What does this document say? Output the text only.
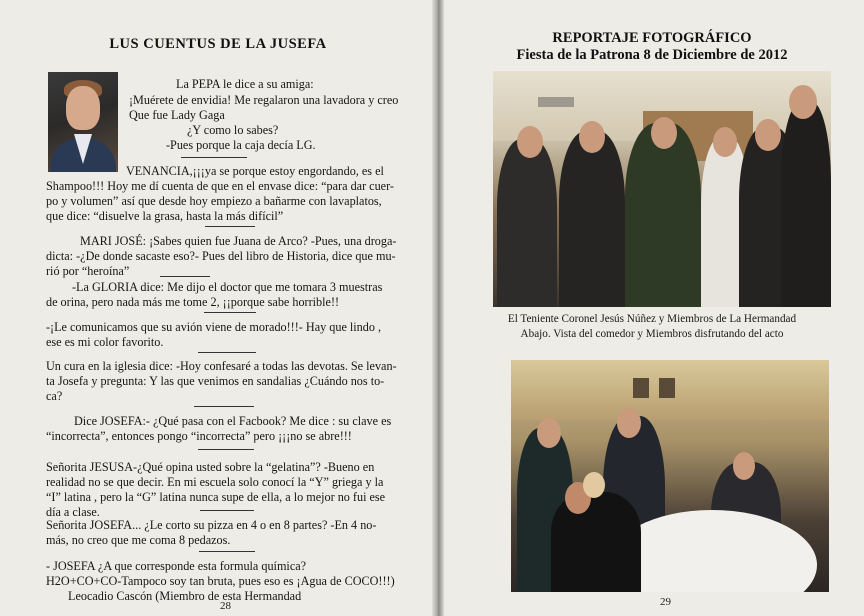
LUS CUENTUS DE LA JUSEFA
La PEPA le dice a su amiga:
¡Muérete de envidia! Me regalaron una lavadora y creo
Que fue Lady Gaga
¿Y como lo sabes?
-Pues porque la caja decía LG.
VENANCIA,¡¡¡ya se porque estoy engordando, es el
Shampoo!!! Hoy me dí cuenta de que en el envase dice: “para dar cuer-
po y volumen” así que desde hoy empiezo a bañarme con lavaplatos,
que dice: “disuelve la grasa, hasta la más difícil”
MARI JOSÉ: ¡Sabes quien fue Juana de Arco? -Pues, una droga-
dicta: -¿De donde sacaste eso?- Pues del libro de Historia, dice que mu-
rió por “heroína”
-La GLORIA dice: Me dijo el doctor que me tomara 3 muestras
de orina, pero nada más me tome 2, ¡¡porque sabe horrible!!
-¡Le comunicamos que su avión viene de morado!!!- Hay que lindo ,
ese es mi color favorito.
Un cura en la iglesia dice: -Hoy confesaré a todas las devotas. Se levan-
ta Josefa y pregunta: Y las que venimos en sandalias ¿Cuándo nos to-
ca?
Dice JOSEFA:- ¿Qué pasa con el Facbook? Me dice : su clave es
“incorrecta”, entonces pongo “incorrecta” pero ¡¡¡no se abre!!!
Señorita JESUSA-¿Qué opina usted sobre la “gelatina”? -Bueno en
realidad no se que decir. En mi escuela solo conocí la “Y” griega y la
“I” latina , pero la “G” latina nunca supe de ella, a lo mejor no fui ese
día a clase.
Señorita JOSEFA... ¿Le corto su pizza en 4 o en 8 partes? -En 4 no-
más, no creo que me coma 8 pedazos.
- JOSEFA ¿A que corresponde esta formula química?
H2O+CO+CO-Tampoco soy tan bruta, pues eso es ¡Agua de COCO!!!)
Leocadio Cascón (Miembro de esta Hermandad
28
REPORTAJE FOTOGRÁFICO
Fiesta de la Patrona 8 de Diciembre de 2012
El Teniente Coronel Jesús Núñez y Miembros de La Hermandad
Abajo. Vista del comedor y Miembros disfrutando del acto
29
